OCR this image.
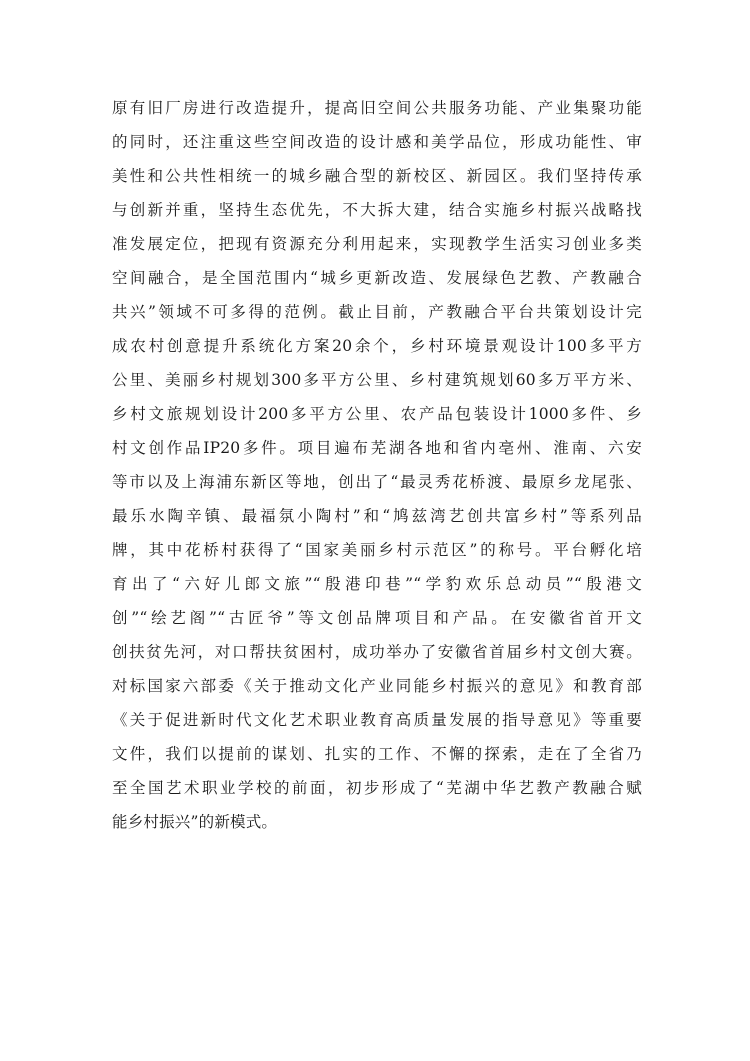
原有旧厂房进行改造提升，提高旧空间公共服务功能、产业集聚功能
的同时，还注重这些空间改造的设计感和美学品位，形成功能性、审
美性和公共性相统一的城乡融合型的新校区、新园区。我们坚持传承
与创新并重，坚持生态优先，不大拆大建，结合实施乡村振兴战略找
准发展定位，把现有资源充分利用起来，实现教学生活实习创业多类
空间融合，是全国范围内“城乡更新改造、发展绿色艺教、产教融合
共兴”领域不可多得的范例。截止目前，产教融合平台共策划设计完
成农村创意提升系统化方案20余个，乡村环境景观设计100多平方
公里、美丽乡村规划300多平方公里、乡村建筑规划60多万平方米、
乡村文旅规划设计200多平方公里、农产品包装设计1000多件、乡
村文创作品IP20多件。项目遍布芜湖各地和省内亳州、淮南、六安
等市以及上海浦东新区等地，创出了“最灵秀花桥渡、最原乡龙尾张、
最乐水陶辛镇、最福氛小陶村”和“鸠兹湾艺创共富乡村”等系列品
牌，其中花桥村获得了“国家美丽乡村示范区”的称号。平台孵化培
育出了“六好儿郎文旅”“殷港印巷”“学豹欢乐总动员”“殷港文
创”“绘艺阁”“古匠爷”等文创品牌项目和产品。在安徽省首开文
创扶贫先河，对口帮扶贫困村，成功举办了安徽省首届乡村文创大赛。
对标国家六部委《关于推动文化产业同能乡村振兴的意见》和教育部
《关于促进新时代文化艺术职业教育高质量发展的指导意见》等重要
文件，我们以提前的谋划、扎实的工作、不懈的探索，走在了全省乃
至全国艺术职业学校的前面，初步形成了“芜湖中华艺教产教融合赋
能乡村振兴”的新模式。
